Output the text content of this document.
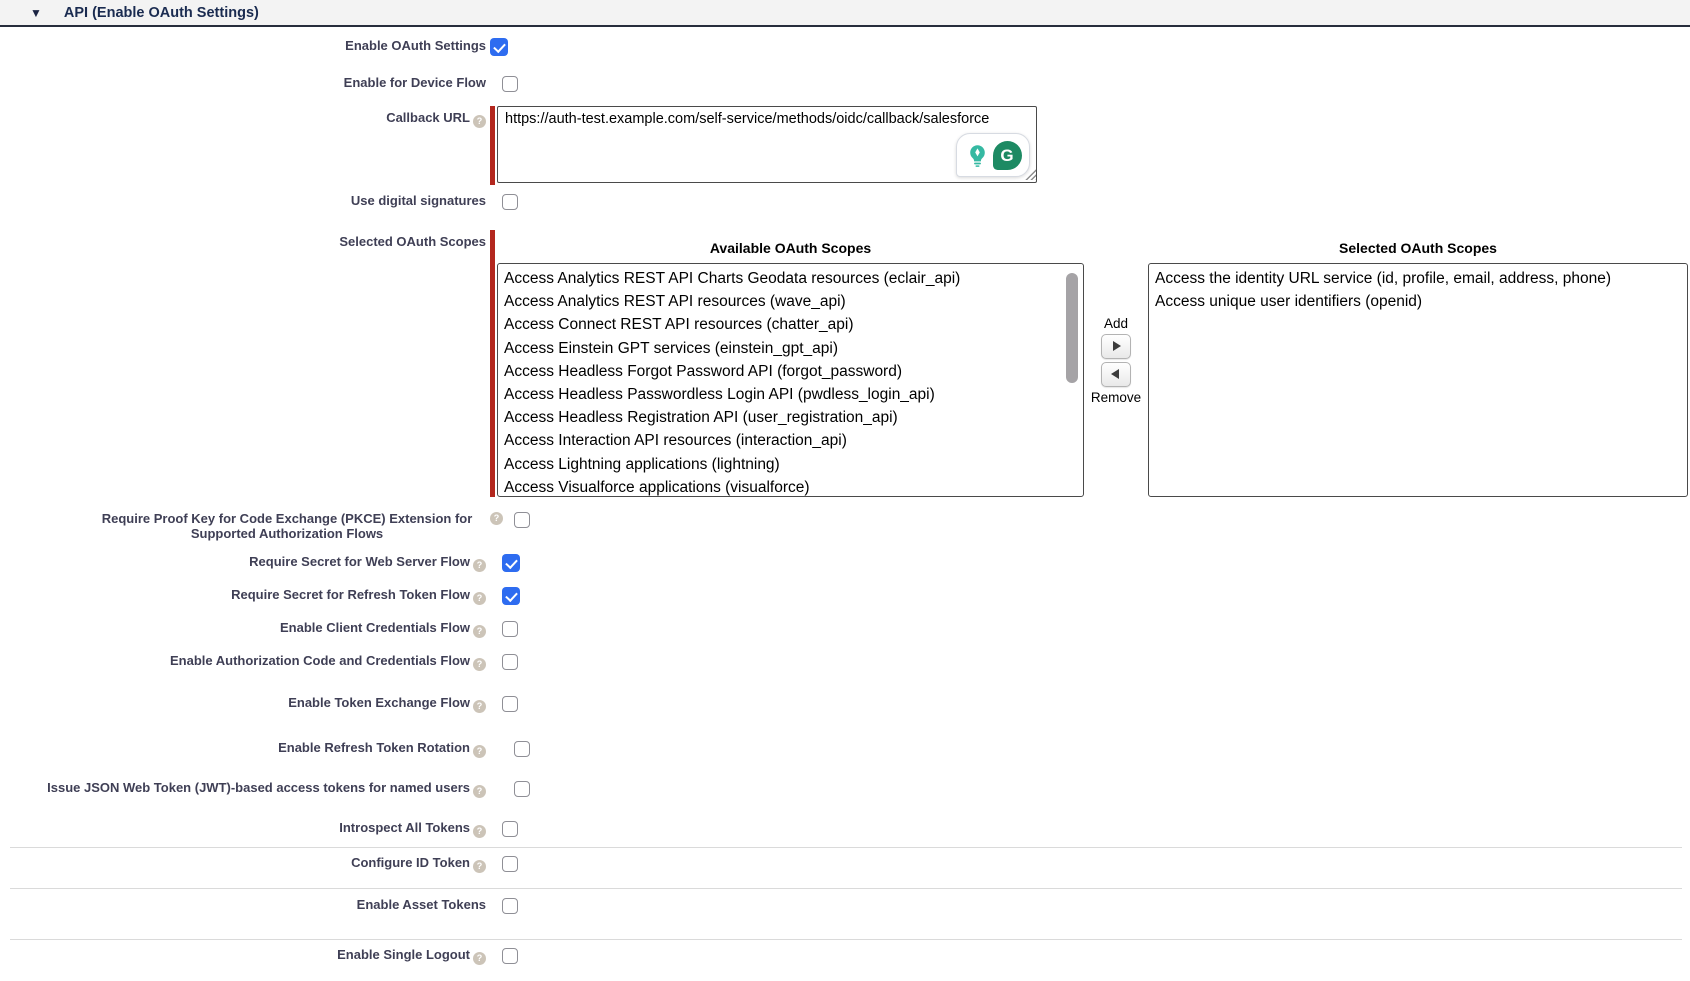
▼ API (Enable OAuth Settings)
Enable OAuth Settings
Enable for Device Flow
Callback URL ?
https://auth-test.example.com/self-service/methods/oidc/callback/salesforce
G
Use digital signatures
Selected OAuth Scopes	Available OAuth Scopes
Access Analytics REST API Charts Geodata resources (eclair_api)
Access Analytics REST API resources (wave_api)
Access Connect REST API resources (chatter_api)
Access Einstein GPT services (einstein_gpt_api)
Access Headless Forgot Password API (forgot_password)
Access Headless Passwordless Login API (pwdless_login_api)
Access Headless Registration API (user_registration_api)
Access Interaction API resources (interaction_api)
Access Lightning applications (lightning)
Access Visualforce applications (visualforce)
Add
Remove
Selected OAuth Scopes
Access the identity URL service (id, profile, email, address, phone)
Access unique user identifiers (openid)
Require Proof Key for Code Exchange (PKCE) Extension for Supported Authorization Flows
?
Require Secret for Web Server Flow ?
Require Secret for Refresh Token Flow ?
Enable Client Credentials Flow ?
Enable Authorization Code and Credentials Flow ?
Enable Token Exchange Flow ?
Enable Refresh Token Rotation ?
Issue JSON Web Token (JWT)-based access tokens for named users ?
Introspect All Tokens ?
Configure ID Token ?
Enable Asset Tokens
Enable Single Logout ?
